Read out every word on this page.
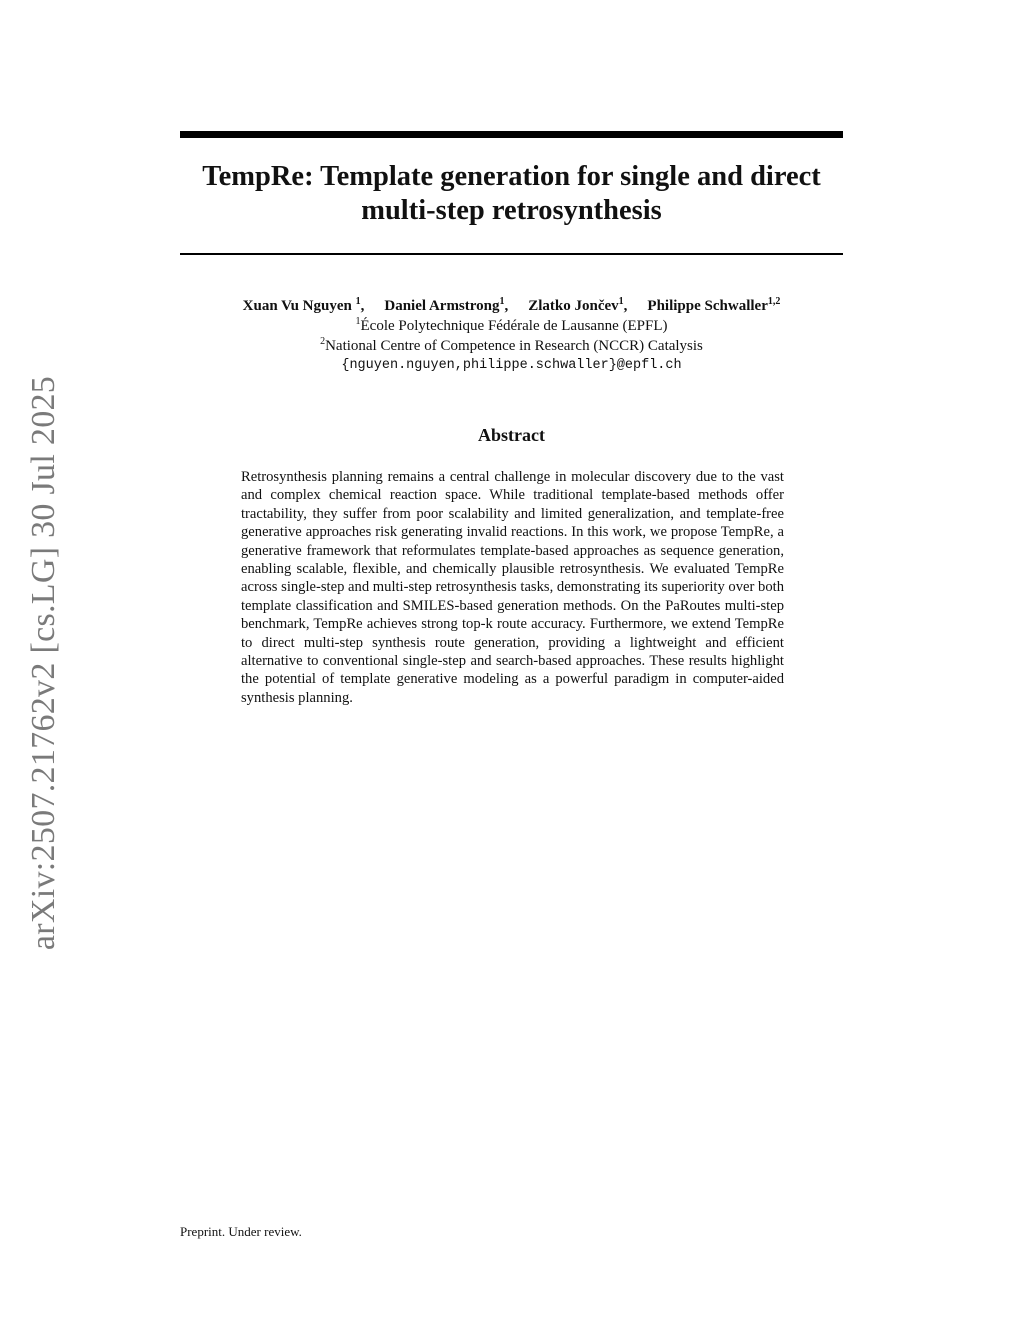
arXiv:2507.21762v2 [cs.LG] 30 Jul 2025
TempRe: Template generation for single and direct
multi-step retrosynthesis
Xuan Vu Nguyen $^1$, Daniel Armstrong$^1$, Zlatko Jončev$^1$, Philippe Schwaller$^{1,2}$
$^1$École Polytechnique Fédérale de Lausanne (EPFL)
$^2$National Centre of Competence in Research (NCCR) Catalysis
{nguyen.nguyen,philippe.schwaller}@epfl.ch
Abstract

Retrosynthesis planning remains a central challenge in molecular discovery due to the vast and complex chemical reaction space. While traditional template-based methods offer tractability, they suffer from poor scalability and limited generalization, and template-free generative approaches risk generating invalid reactions. In this work, we propose TempRe, a generative framework that reformulates template-based approaches as sequence generation, enabling scalable, flexible, and chemically plausible retrosynthesis. We evaluated TempRe across single-step and multi-step retrosynthesis tasks, demonstrating its superiority over both template classification and SMILES-based generation methods. On the PaRoutes multi-step benchmark, TempRe achieves strong top-k route accuracy. Furthermore, we extend TempRe to direct multi-step synthesis route generation, providing a lightweight and efficient alternative to conventional single-step and search-based approaches. These results highlight the potential of template generative modeling as a powerful paradigm in computer-aided synthesis planning.

Preprint. Under review.
